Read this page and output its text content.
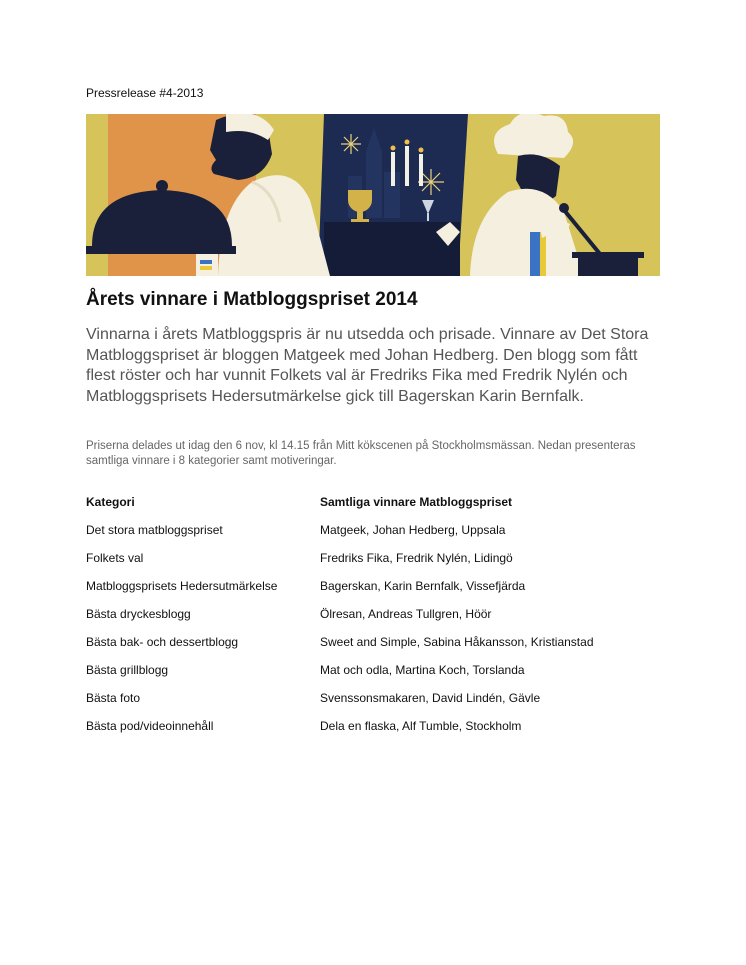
Pressrelease #4-2013
Årets vinnare i Matbloggspriset 2014

Vinnarna i årets Matbloggspris är nu utsedda och prisade. Vinnare av Det Stora Matbloggspriset är bloggen Matgeek med Johan Hedberg. Den blogg som fått flest röster och har vunnit Folkets val är Fredriks Fika med Fredrik Nylén och Matbloggsprisets Hedersutmärkelse gick till Bagerskan Karin Bernfalk.

Priserna delades ut idag den 6 nov, kl 14.15 från Mitt kökscenen på Stockholmsmässan. Nedan presenteras samtliga vinnare i 8 kategorier samt motiveringar.

Kategori	Samtliga vinnare Matbloggspriset
Det stora matbloggspriset	Matgeek, Johan Hedberg, Uppsala
Folkets val	Fredriks Fika, Fredrik Nylén, Lidingö
Matbloggsprisets Hedersutmärkelse	Bagerskan, Karin Bernfalk, Vissefjärda
Bästa dryckesblogg	Ölresan, Andreas Tullgren, Höör
Bästa bak- och dessertblogg	Sweet and Simple, Sabina Håkansson, Kristianstad
Bästa grillblogg	Mat och odla, Martina Koch, Torslanda
Bästa foto	Svenssonsmakaren, David Lindén, Gävle
Bästa pod/videoinnehåll	Dela en flaska, Alf Tumble, Stockholm
